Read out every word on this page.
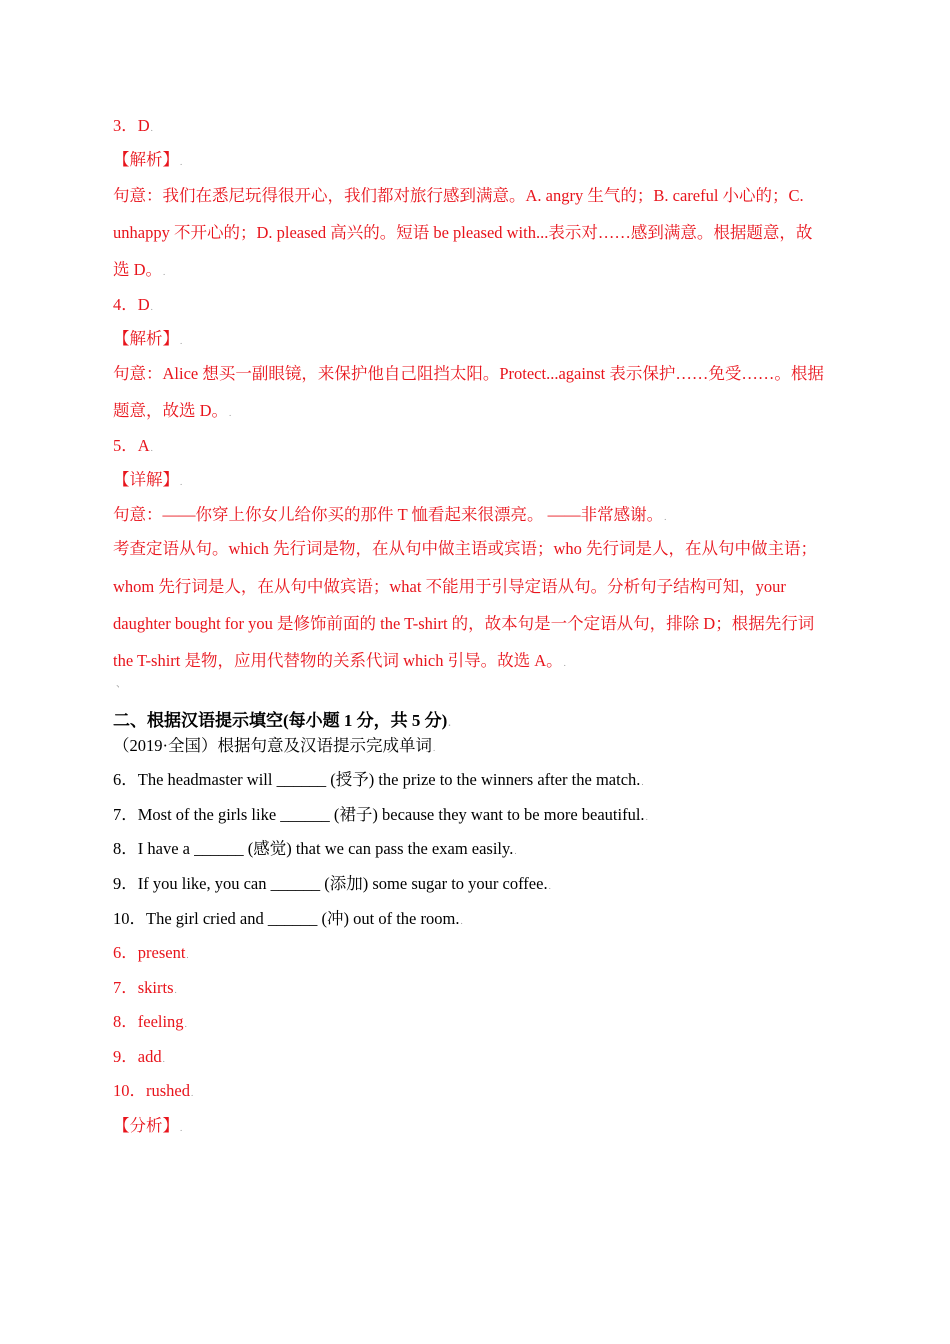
3．D.
【解析】.
句意：我们在悉尼玩得很开心，我们都对旅行感到满意。A. angry 生气的；B. careful 小心的；C.
unhappy 不开心的；D. pleased 高兴的。短语 be pleased with...表示对……感到满意。根据题意，故
选 D。.
4．D.
【解析】.
句意：Alice 想买一副眼镜，来保护他自己阻挡太阳。Protect...against 表示保护……免受……。根据
题意，故选 D。.
5．A.
【详解】.
句意：——你穿上你女儿给你买的那件 T 恤看起来很漂亮。 ——非常感谢。.
考查定语从句。which 先行词是物，在从句中做主语或宾语；who 先行词是人，在从句中做主语；
whom 先行词是人，在从句中做宾语；what 不能用于引导定语从句。分析句子结构可知，your
daughter bought for you 是修饰前面的 the T-shirt 的，故本句是一个定语从句，排除 D；根据先行词
the T-shirt 是物，应用代替物的关系代词 which 引导。故选 A。.
、
二、根据汉语提示填空(每小题 1 分，共 5 分).
（2019·全国）根据句意及汉语提示完成单词.
6．The headmaster will ______ (授予) the prize to the winners after the match..
7．Most of the girls like ______ (裙子) because they want to be more beautiful..
8．I have a ______ (感觉) that we can pass the exam easily..
9．If you like, you can ______ (添加) some sugar to your coffee..
10．The girl cried and ______ (冲) out of the room..
6．present.
7．skirts.
8．feeling.
9．add.
10．rushed.
【分析】.
